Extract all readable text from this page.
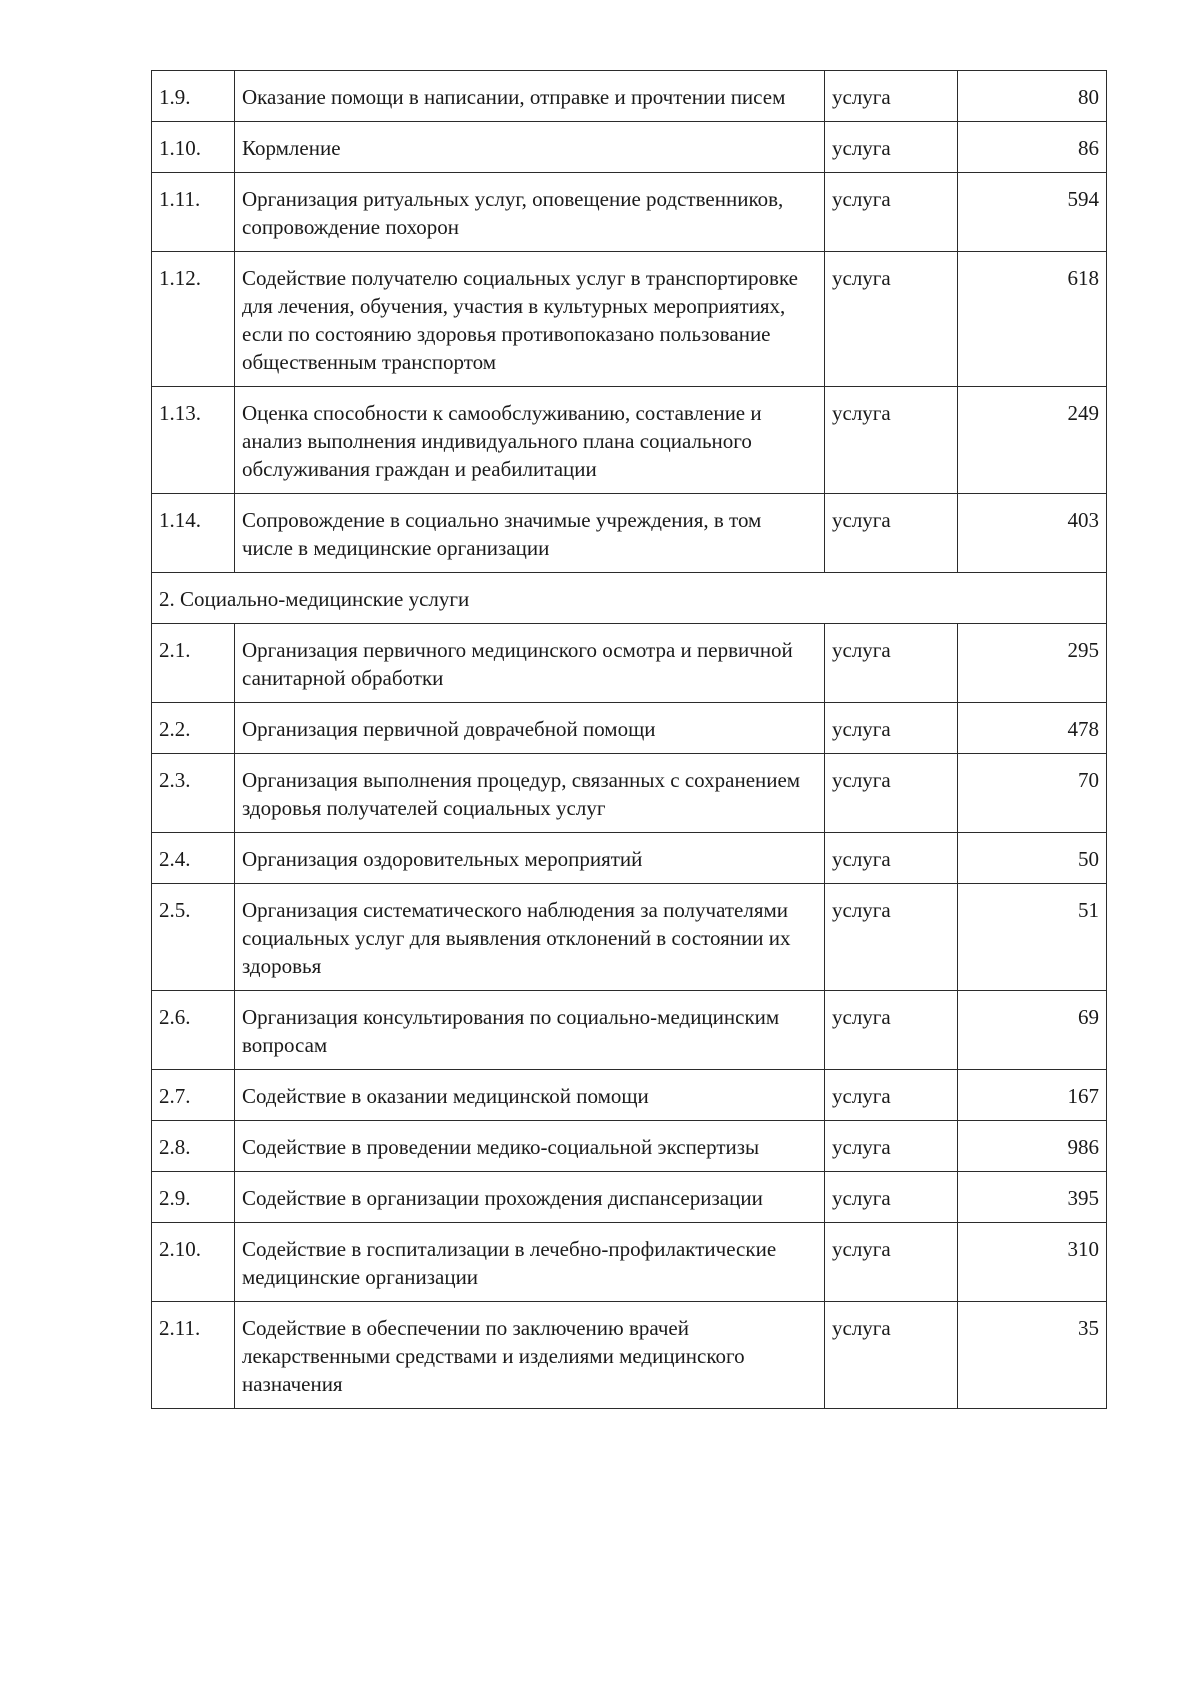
1.9.	Оказание помощи в написании, отправке и прочтении писем	услуга	80
1.10.	Кормление	услуга	86
1.11.	Организация ритуальных услуг, оповещение родственников, сопровождение похорон	услуга	594
1.12.	Содействие получателю социальных услуг в транспортировке для лечения, обучения, участия в культурных мероприятиях, если по состоянию здоровья противопоказано пользование общественным транспортом	услуга	618
1.13.	Оценка способности к самообслуживанию, составление и анализ выполнения индивидуального плана социального обслуживания граждан и реабилитации	услуга	249
1.14.	Сопровождение в социально значимые учреждения, в том числе в медицинские организации	услуга	403
2. Социально-медицинские услуги			
2.1.	Организация первичного медицинского осмотра и первичной санитарной обработки	услуга	295
2.2.	Организация первичной доврачебной помощи	услуга	478
2.3.	Организация выполнения процедур, связанных с сохранением здоровья получателей социальных услуг	услуга	70
2.4.	Организация оздоровительных мероприятий	услуга	50
2.5.	Организация систематического наблюдения за получателями социальных услуг для выявления отклонений в состоянии их здоровья	услуга	51
2.6.	Организация консультирования по социально-медицинским вопросам	услуга	69
2.7.	Содействие в оказании медицинской помощи	услуга	167
2.8.	Содействие в проведении медико-социальной экспертизы	услуга	986
2.9.	Содействие в организации прохождения диспансеризации	услуга	395
2.10.	Содействие в госпитализации в лечебно-профилактические медицинские организации	услуга	310
2.11.	Содействие в обеспечении по заключению врачей лекарственными средствами и изделиями медицинского назначения	услуга	35
